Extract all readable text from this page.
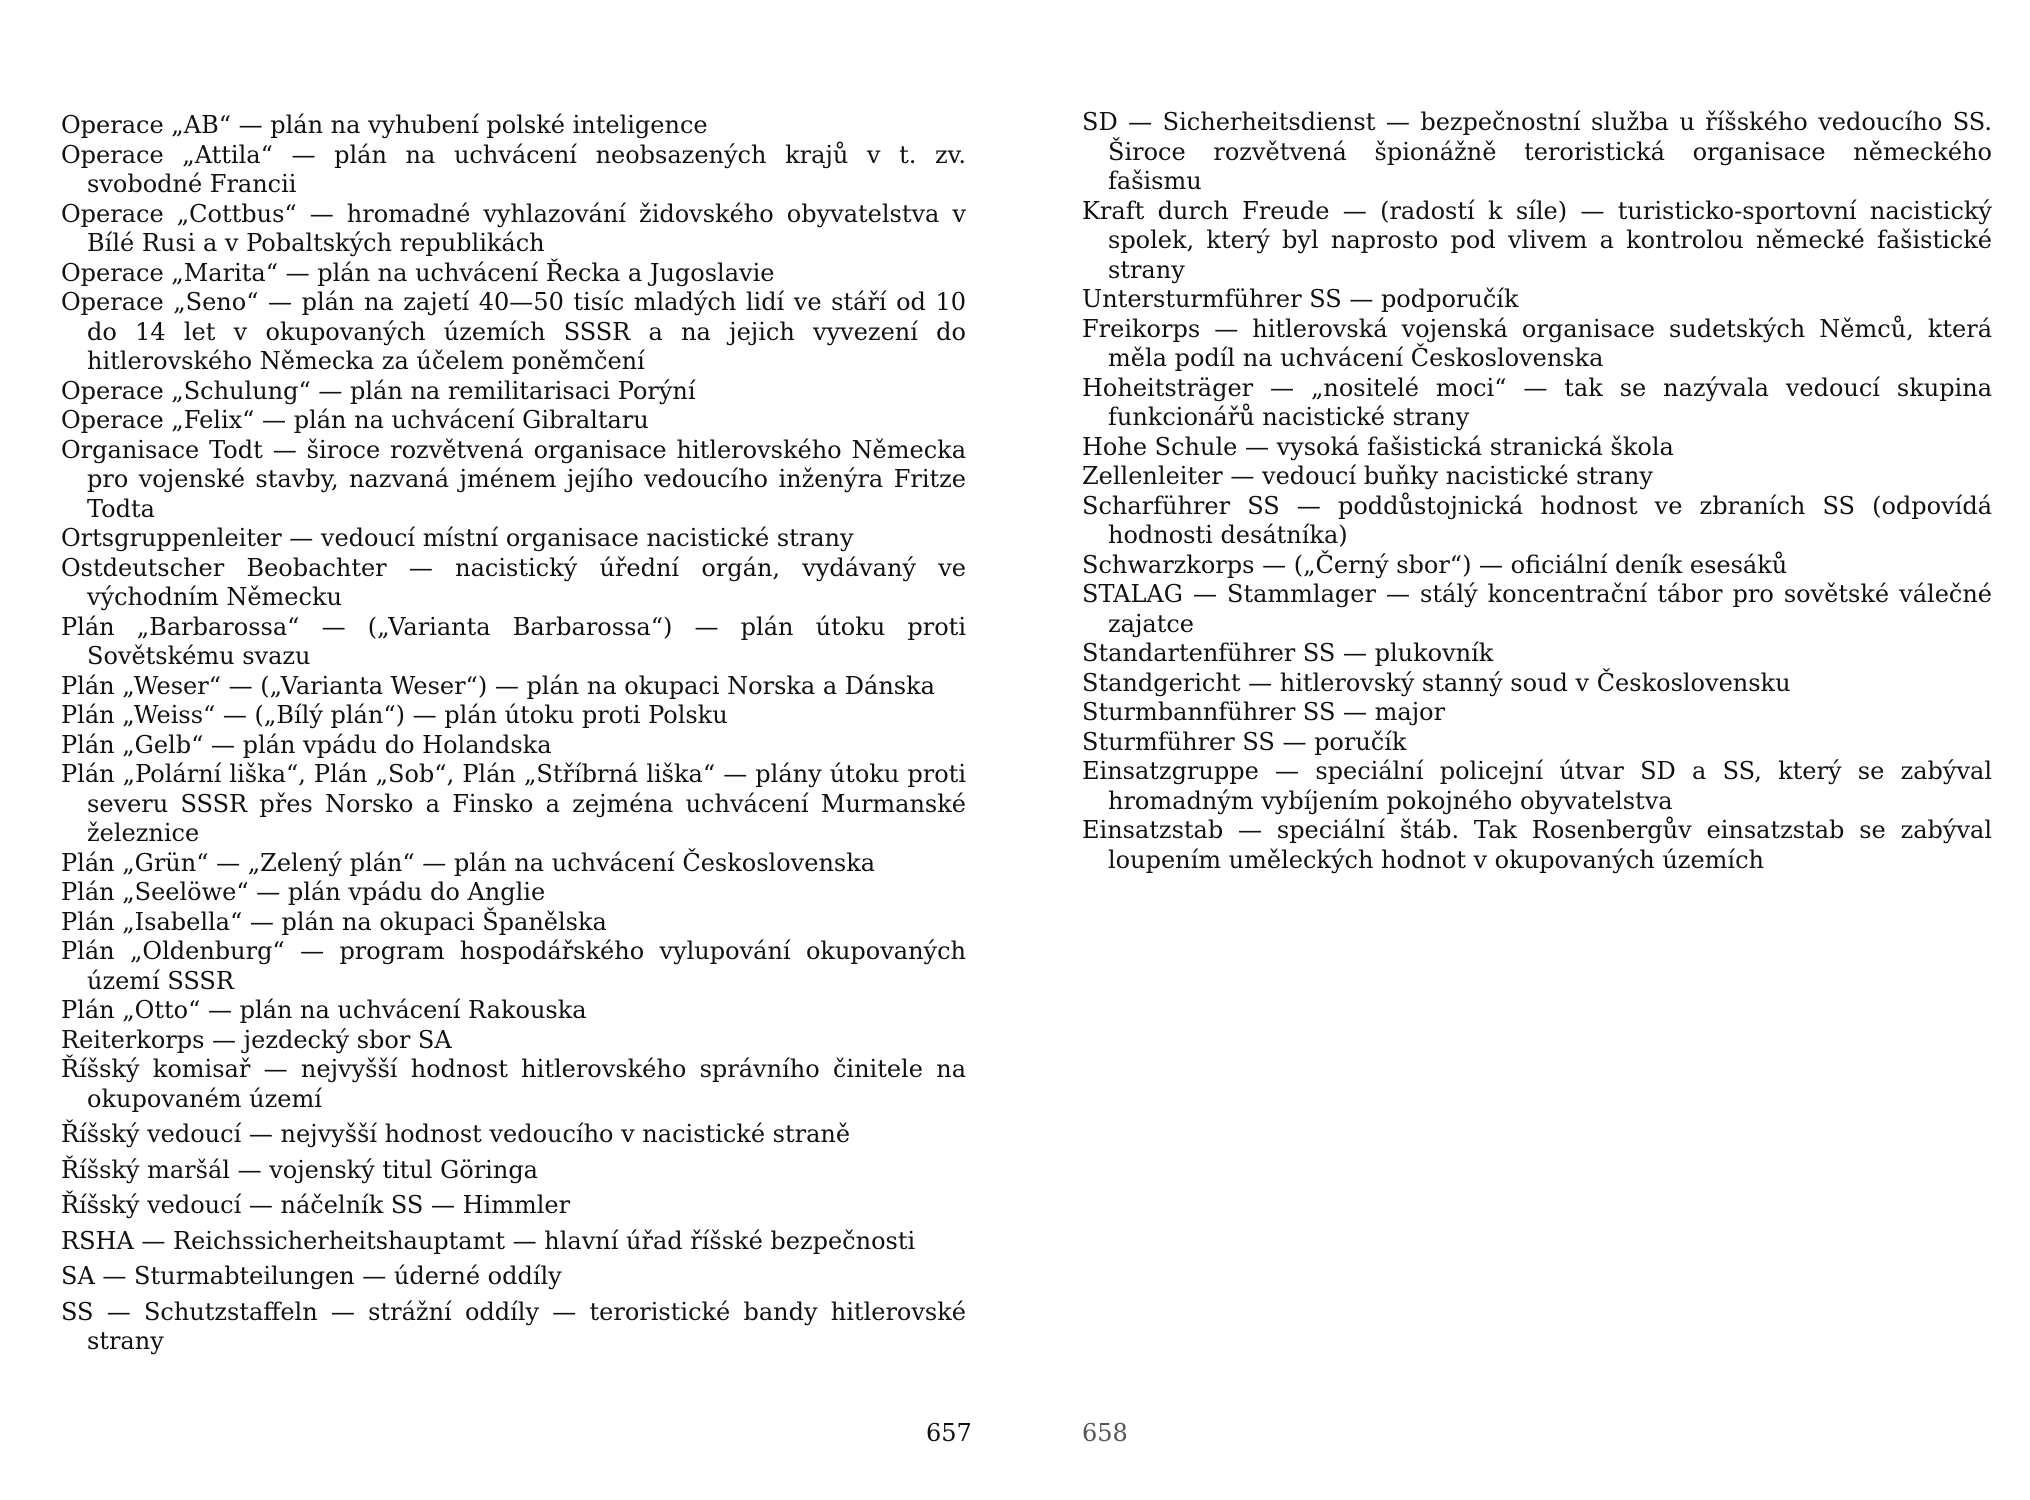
Operace „AB“ — plán na vyhubení polské inteligence

Operace „Attila“ — plán na uchvácení neobsazených krajů v t. zv. svobodné Francii

Operace „Cottbus“ — hromadné vyhlazování židovského obyvatelstva v Bílé Rusi a v Pobaltských republikách

Operace „Marita“ — plán na uchvácení Řecka a Jugoslavie

Operace „Seno“ — plán na zajetí 40—50 tisíc mladých lidí ve stáří od 10 do 14 let v okupovaných územích SSSR a na jejich vyvezení do hitlerovského Německa za účelem poněmčení

Operace „Schulung“ — plán na remilitarisaci Porýní

Operace „Felix“ — plán na uchvácení Gibraltaru

Organisace Todt — široce rozvětvená organisace hitlerovského Německa pro vojenské stavby, nazvaná jménem jejího vedoucího inženýra Fritze Todta

Ortsgruppenleiter — vedoucí místní organisace nacistické strany

Ostdeutscher Beobachter — nacistický úřední orgán, vydávaný ve východním Německu

Plán „Barbarossa“ — („Varianta Barbarossa“) — plán útoku proti Sovětskému svazu

Plán „Weser“ — („Varianta Weser“) — plán na okupaci Norska a Dánska

Plán „Weiss“ — („Bílý plán“) — plán útoku proti Polsku

Plán „Gelb“ — plán vpádu do Holandska

Plán „Polární liška“, Plán „Sob“, Plán „Stříbrná liška“ — plány útoku proti severu SSSR přes Norsko a Finsko a zejména uchvácení Murmanské železnice

Plán „Grün“ — „Zelený plán“ — plán na uchvácení Československa

Plán „Seelöwe“ — plán vpádu do Anglie

Plán „Isabella“ — plán na okupaci Španělska

Plán „Oldenburg“ — program hospodářského vylupování okupovaných území SSSR

Plán „Otto“ — plán na uchvácení Rakouska

Reiterkorps — jezdecký sbor SA

Říšský komisař — nejvyšší hodnost hitlerovského správního činitele na okupovaném území

Říšský vedoucí — nejvyšší hodnost vedoucího v nacistické straně

Říšský maršál — vojenský titul Göringa

Říšský vedoucí — náčelník SS — Himmler

RSHA — Reichssicherheitshauptamt — hlavní úřad říšské bezpečnosti

SA — Sturmabteilungen — úderné oddíly

SS — Schutzstaffeln — strážní oddíly — teroristické bandy hitlerovské strany

657

SD — Sicherheitsdienst — bezpečnostní služba u říšského vedoucího SS. Široce rozvětvená špionážně teroristická organisace německého fašismu

Kraft durch Freude — (radostí k síle) — turisticko-sportovní nacistický spolek, který byl naprosto pod vlivem a kontrolou německé fašistické strany

Untersturmführer SS — podporučík

Freikorps — hitlerovská vojenská organisace sudetských Němců, která měla podíl na uchvácení Československa

Hoheitsträger — „nositelé moci“ — tak se nazývala vedoucí skupina funkcionářů nacistické strany

Hohe Schule — vysoká fašistická stranická škola

Zellenleiter — vedoucí buňky nacistické strany

Scharführer SS — poddůstojnická hodnost ve zbraních SS (odpovídá hodnosti desátníka)

Schwarzkorps — („Černý sbor“) — oficiální deník esesáků

STALAG — Stammlager — stálý koncentrační tábor pro sovětské válečné zajatce

Standartenführer SS — plukovník

Standgericht — hitlerovský stanný soud v Československu

Sturmbannführer SS — major

Sturmführer SS — poručík

Einsatzgruppe — speciální policejní útvar SD a SS, který se zabýval hromadným vybíjením pokojného obyvatelstva

Einsatzstab — speciální štáb. Tak Rosenbergův einsatzstab se zabýval loupením uměleckých hodnot v okupovaných územích

658
